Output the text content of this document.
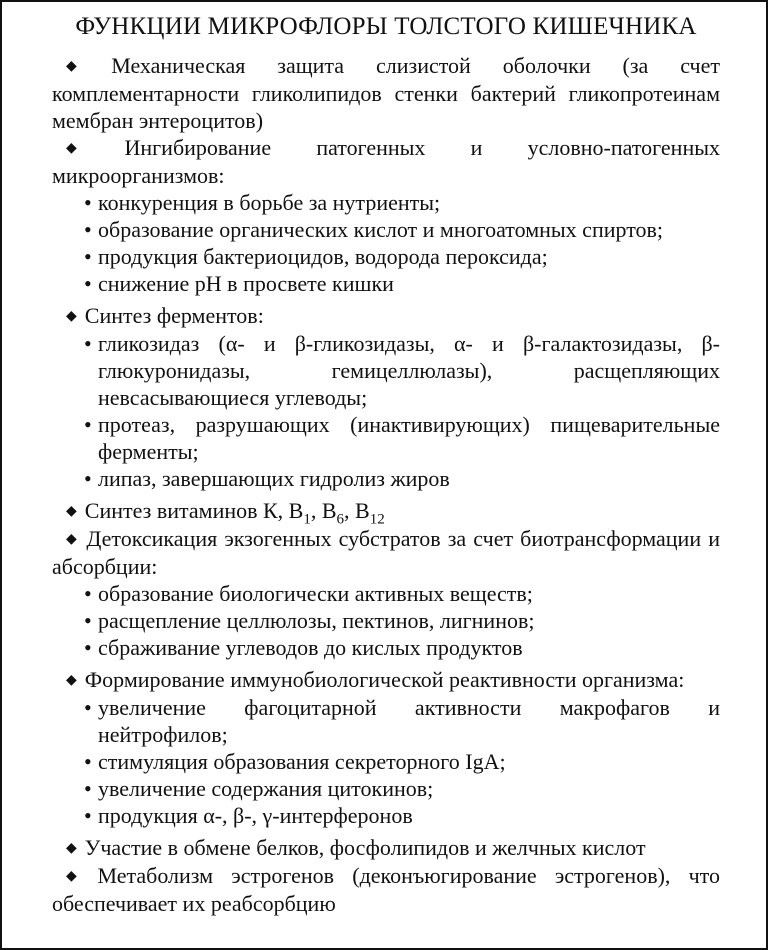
ФУНКЦИИ МИКРОФЛОРЫ ТОЛСТОГО КИШЕЧНИКА

◆ Механическая защита слизистой оболочки (за счет комплементарности гликолипидов стенки бактерий гликопротеинам мембран энтероцитов)

◆ Ингибирование патогенных и условно-патогенных микроорганизмов:

• конкуренция в борьбе за нутриенты;

• образование органических кислот и многоатомных спиртов;

• продукция бактериоцидов, водорода пероксида;

• снижение pH в просвете кишки

◆ Синтез ферментов:

• гликозидаз (α- и β-гликозидазы, α- и β-галактозидазы, β-глюкуронидазы, гемицеллюлазы), расщепляющих невсасывающиеся углеводы;

• протеаз, разрушающих (инактивирующих) пищеварительные ферменты;

• липаз, завершающих гидролиз жиров

◆ Синтез витаминов К, $B_1$, $B_6$, $B_{12}$

◆ Детоксикация экзогенных субстратов за счет биотрансформации и абсорбции:

• образование биологически активных веществ;

• расщепление целлюлозы, пектинов, лигнинов;

• сбраживание углеводов до кислых продуктов

◆ Формирование иммунобиологической реактивности организма:

• увеличение фагоцитарной активности макрофагов и нейтрофилов;

• стимуляция образования секреторного IgA;

• увеличение содержания цитокинов;

• продукция α-, β-, γ-интерферонов

◆ Участие в обмене белков, фосфолипидов и желчных кислот

◆ Метаболизм эстрогенов (деконъюгирование эстрогенов), что обеспечивает их реабсорбцию
